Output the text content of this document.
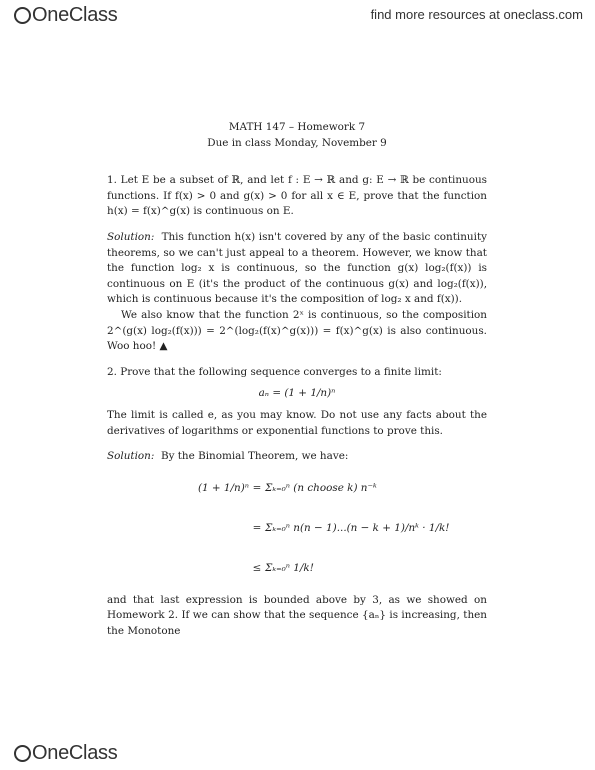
OneClass	find more resources at oneclass.com
MATH 147 – Homework 7
Due in class Monday, November 9

1. Let E be a subset of ℝ, and let f : E → ℝ and g: E → ℝ be continuous functions. If f(x) > 0 and g(x) > 0 for all x ∈ E, prove that the function h(x) = f(x)^g(x) is continuous on E.

Solution: This function h(x) isn't covered by any of the basic continuity theorems, so we can't just appeal to a theorem. However, we know that the function log₂ x is continuous, so the function g(x) log₂(f(x)) is continuous on E (it's the product of the continuous g(x) and log₂(f(x)), which is continuous because it's the composition of log₂ x and f(x)).

We also know that the function 2ˣ is continuous, so the composition 2^(g(x) log₂(f(x))) = 2^(log₂(f(x)^g(x))) = f(x)^g(x) is also continuous. Woo hoo! ▲

2. Prove that the following sequence converges to a finite limit:

aₙ = (1 + 1/n)ⁿ

The limit is called e, as you may know. Do not use any facts about the derivatives of logarithms or exponential functions to prove this.

Solution: By the Binomial Theorem, we have:

(1 + 1/n)ⁿ = Σₖ₌₀ⁿ (n choose k) n⁻ᵏ
= Σₖ₌₀ⁿ n(n − 1)...(n − k + 1)/nᵏ · 1/k!
≤ Σₖ₌₀ⁿ 1/k!

and that last expression is bounded above by 3, as we showed on Homework 2. If we can show that the sequence {aₙ} is increasing, then the Monotone

OneClass
